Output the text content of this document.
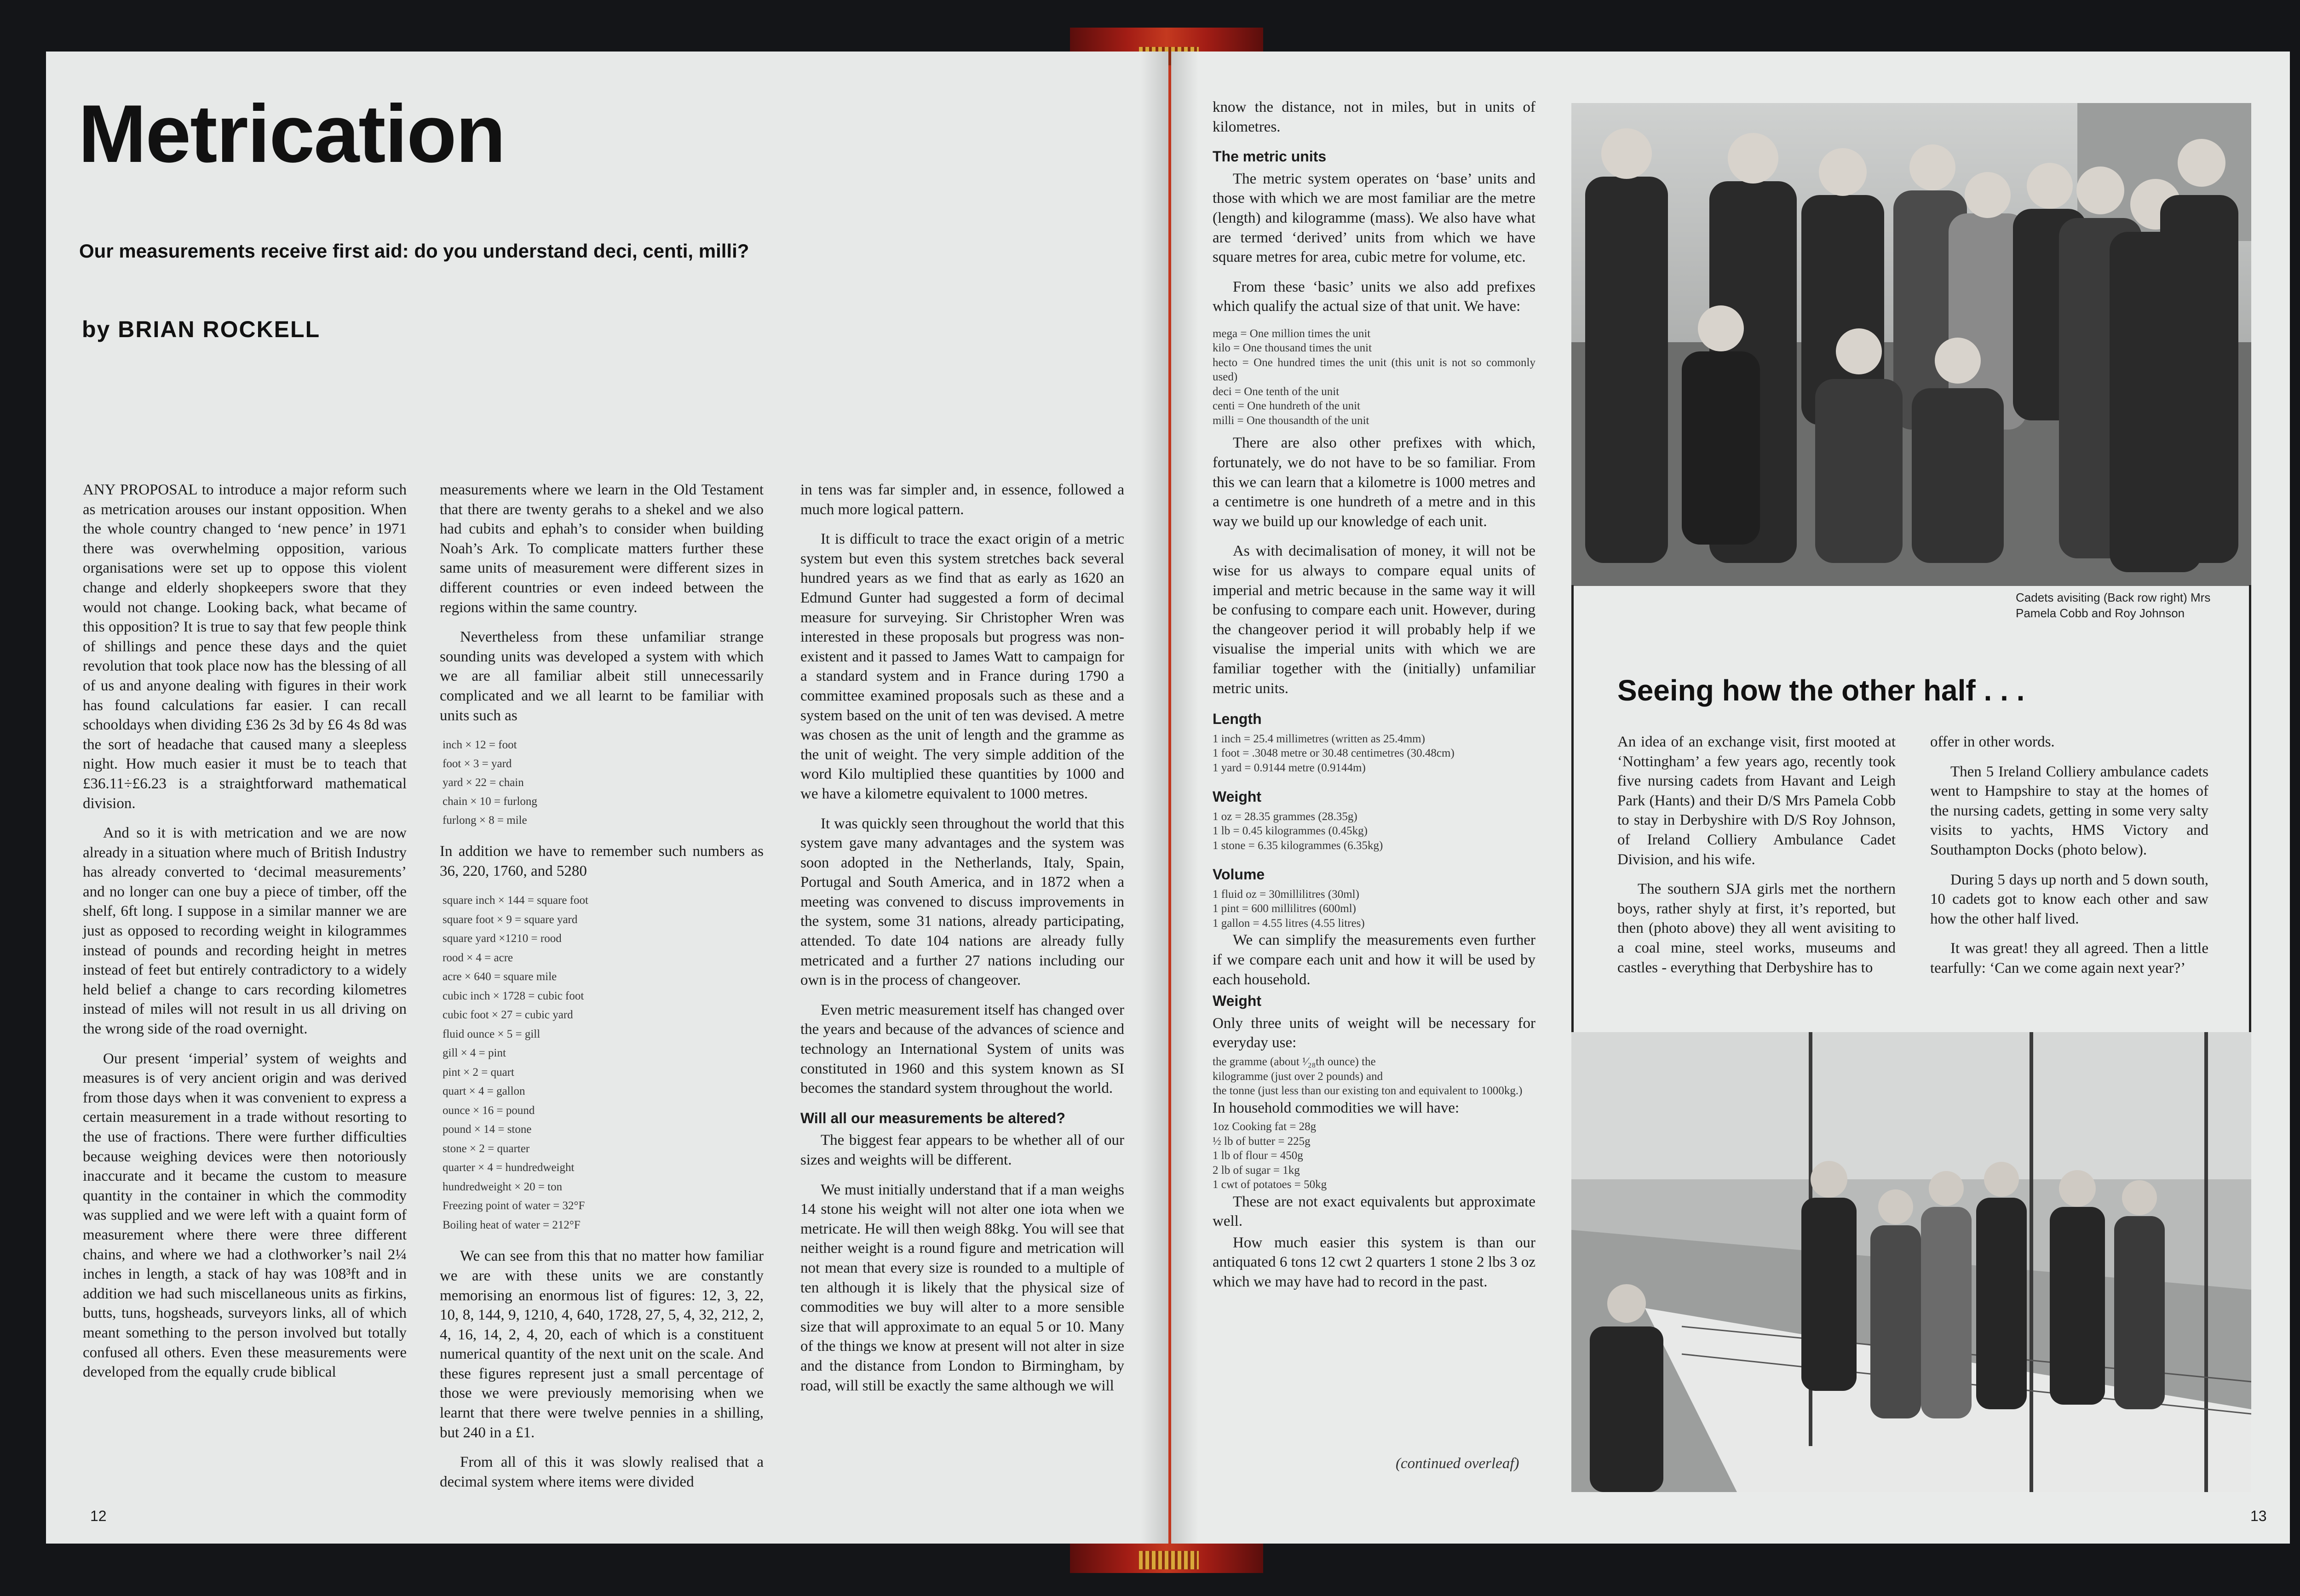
Metrication

Our measurements receive first aid: do you understand deci, centi, milli?

by BRIAN ROCKELL

ANY PROPOSAL to introduce a major reform such as metrication arouses our instant opposition. When the whole country changed to ‘new pence’ in 1971 there was overwhelming opposition, various organisations were set up to oppose this violent change and elderly shopkeepers swore that they would not change. Looking back, what became of this opposition? It is true to say that few people think of shillings and pence these days and the quiet revolution that took place now has the blessing of all of us and anyone dealing with figures in their work has found calculations far easier. I can recall schooldays when dividing £36 2s 3d by £6 4s 8d was the sort of headache that caused many a sleepless night. How much easier it must be to teach that £36.11÷£6.23 is a straightforward mathematical division.

And so it is with metrication and we are now already in a situation where much of British Industry has already converted to ‘decimal measurements’ and no longer can one buy a piece of timber, off the shelf, 6ft long. I suppose in a similar manner we are just as opposed to recording weight in kilogrammes instead of pounds and recording height in metres instead of feet but entirely contradictory to a widely held belief a change to cars recording kilometres instead of miles will not result in us all driving on the wrong side of the road overnight.

Our present ‘imperial’ system of weights and measures is of very ancient origin and was derived from those days when it was convenient to express a certain measurement in a trade without resorting to the use of fractions. There were further difficulties because weighing devices were then notoriously inaccurate and it became the custom to measure quantity in the container in which the commodity was supplied and we were left with a quaint form of measurement where there were three different chains, and where we had a clothworker’s nail 2¼ inches in length, a stack of hay was 108³ft and in addition we had such miscellaneous units as firkins, butts, tuns, hogsheads, surveyors links, all of which meant something to the person involved but totally confused all others. Even these measurements were developed from the equally crude biblical

measurements where we learn in the Old Testament that there are twenty gerahs to a shekel and we also had cubits and ephah’s to consider when building Noah’s Ark. To complicate matters further these same units of measurement were different sizes in different countries or even indeed between the regions within the same country.

Nevertheless from these unfamiliar strange sounding units was developed a system with which we are all familiar albeit still unnecessarily complicated and we all learnt to be familiar with units such as

inch × 12 = foot
foot × 3 = yard
yard × 22 = chain
chain × 10 = furlong
furlong × 8 = mile

In addition we have to remember such numbers as 36, 220, 1760, and 5280

square inch × 144 = square foot
square foot × 9 = square yard
square yard ×1210 = rood
rood × 4 = acre
acre × 640 = square mile
cubic inch × 1728 = cubic foot
cubic foot × 27 = cubic yard
fluid ounce × 5 = gill
gill × 4 = pint
pint × 2 = quart
quart × 4 = gallon
ounce × 16 = pound
pound × 14 = stone
stone × 2 = quarter
quarter × 4 = hundredweight
hundredweight × 20 = ton
Freezing point of water = 32°F
Boiling heat of water = 212°F

We can see from this that no matter how familiar we are with these units we are constantly memorising an enormous list of figures: 12, 3, 22, 10, 8, 144, 9, 1210, 4, 640, 1728, 27, 5, 4, 32, 212, 2, 4, 16, 14, 2, 4, 20, each of which is a constituent numerical quantity of the next unit on the scale. And these figures represent just a small percentage of those we were previously memorising when we learnt that there were twelve pennies in a shilling, but 240 in a £1.

From all of this it was slowly realised that a decimal system where items were divided

in tens was far simpler and, in essence, followed a much more logical pattern.

It is difficult to trace the exact origin of a metric system but even this system stretches back several hundred years as we find that as early as 1620 an Edmund Gunter had suggested a form of decimal measure for surveying. Sir Christopher Wren was interested in these proposals but progress was non-existent and it passed to James Watt to campaign for a standard system and in France during 1790 a committee examined proposals such as these and a system based on the unit of ten was devised. A metre was chosen as the unit of length and the gramme as the unit of weight. The very simple addition of the word Kilo multiplied these quantities by 1000 and we have a kilometre equivalent to 1000 metres.

It was quickly seen throughout the world that this system gave many advantages and the system was soon adopted in the Netherlands, Italy, Spain, Portugal and South America, and in 1872 when a meeting was convened to discuss improvements in the system, some 31 nations, already participating, attended. To date 104 nations are already fully metricated and a further 27 nations including our own is in the process of changeover.

Even metric measurement itself has changed over the years and because of the advances of science and technology an International System of units was constituted in 1960 and this system known as SI becomes the standard system throughout the world.

Will all our measurements be altered?

The biggest fear appears to be whether all of our sizes and weights will be different.

We must initially understand that if a man weighs 14 stone his weight will not alter one iota when we metricate. He will then weigh 88kg. You will see that neither weight is a round figure and metrication will not mean that every size is rounded to a multiple of ten although it is likely that the physical size of commodities we buy will alter to a more sensible size that will approximate to an equal 5 or 10. Many of the things we know at present will not alter in size and the distance from London to Birmingham, by road, will still be exactly the same although we will

12

know the distance, not in miles, but in units of kilometres.

The metric units

The metric system operates on ‘base’ units and those with which we are most familiar are the metre (length) and kilogramme (mass). We also have what are termed ‘derived’ units from which we have square metres for area, cubic metre for volume, etc.

From these ‘basic’ units we also add prefixes which qualify the actual size of that unit. We have:

mega = One million times the unit
kilo = One thousand times the unit
hecto = One hundred times the unit (this unit is not so commonly used)
deci = One tenth of the unit
centi = One hundreth of the unit
milli = One thousandth of the unit

There are also other prefixes with which, fortunately, we do not have to be so familiar. From this we can learn that a kilometre is 1000 metres and a centimetre is one hundreth of a metre and in this way we build up our knowledge of each unit.

As with decimalisation of money, it will not be wise for us always to compare equal units of imperial and metric because in the same way it will be confusing to compare each unit. However, during the changeover period it will probably help if we visualise the imperial units with which we are familiar together with the (initially) unfamiliar metric units.

Length
1 inch = 25.4 millimetres (written as 25.4mm)
1 foot = .3048 metre or 30.48 centimetres (30.48cm)
1 yard = 0.9144 metre (0.9144m)
Weight
1 oz = 28.35 grammes (28.35g)
1 lb = 0.45 kilogrammes (0.45kg)
1 stone = 6.35 kilogrammes (6.35kg)
Volume
1 fluid oz = 30millilitres (30ml)
1 pint = 600 millilitres (600ml)
1 gallon = 4.55 litres (4.55 litres)

We can simplify the measurements even further if we compare each unit and how it will be used by each household.

Weight

Only three units of weight will be necessary for everyday use:

the gramme (about ¹⁄₂₈th ounce) the
kilogramme (just over 2 pounds) and
the tonne (just less than our existing ton and equivalent to 1000kg.)

In household commodities we will have:

1oz Cooking fat = 28g
½ lb of butter = 225g
1 lb of flour = 450g
2 lb of sugar = 1kg
1 cwt of potatoes = 50kg

These are not exact equivalents but approximate well.

How much easier this system is than our antiquated 6 tons 12 cwt 2 quarters 1 stone 2 lbs 3 oz which we may have had to record in the past.

(continued overleaf)
Cadets avisiting (Back row right) Mrs Pamela Cobb and Roy Johnson
Seeing how the other half . . .

An idea of an exchange visit, first mooted at ‘Nottingham’ a few years ago, recently took five nursing cadets from Havant and Leigh Park (Hants) and their D/S Mrs Pamela Cobb to stay in Derbyshire with D/S Roy Johnson, of Ireland Colliery Ambulance Cadet Division, and his wife.

The southern SJA girls met the northern boys, rather shyly at first, it’s reported, but then (photo above) they all went avisiting to a coal mine, steel works, museums and castles - everything that Derbyshire has to

offer in other words.

Then 5 Ireland Colliery ambulance cadets went to Hampshire to stay at the homes of the nursing cadets, getting in some very salty visits to yachts, HMS Victory and Southampton Docks (photo below).

During 5 days up north and 5 down south, 10 cadets got to know each other and saw how the other half lived.

It was great! they all agreed. Then a little tearfully: ‘Can we come again next year?’

13
